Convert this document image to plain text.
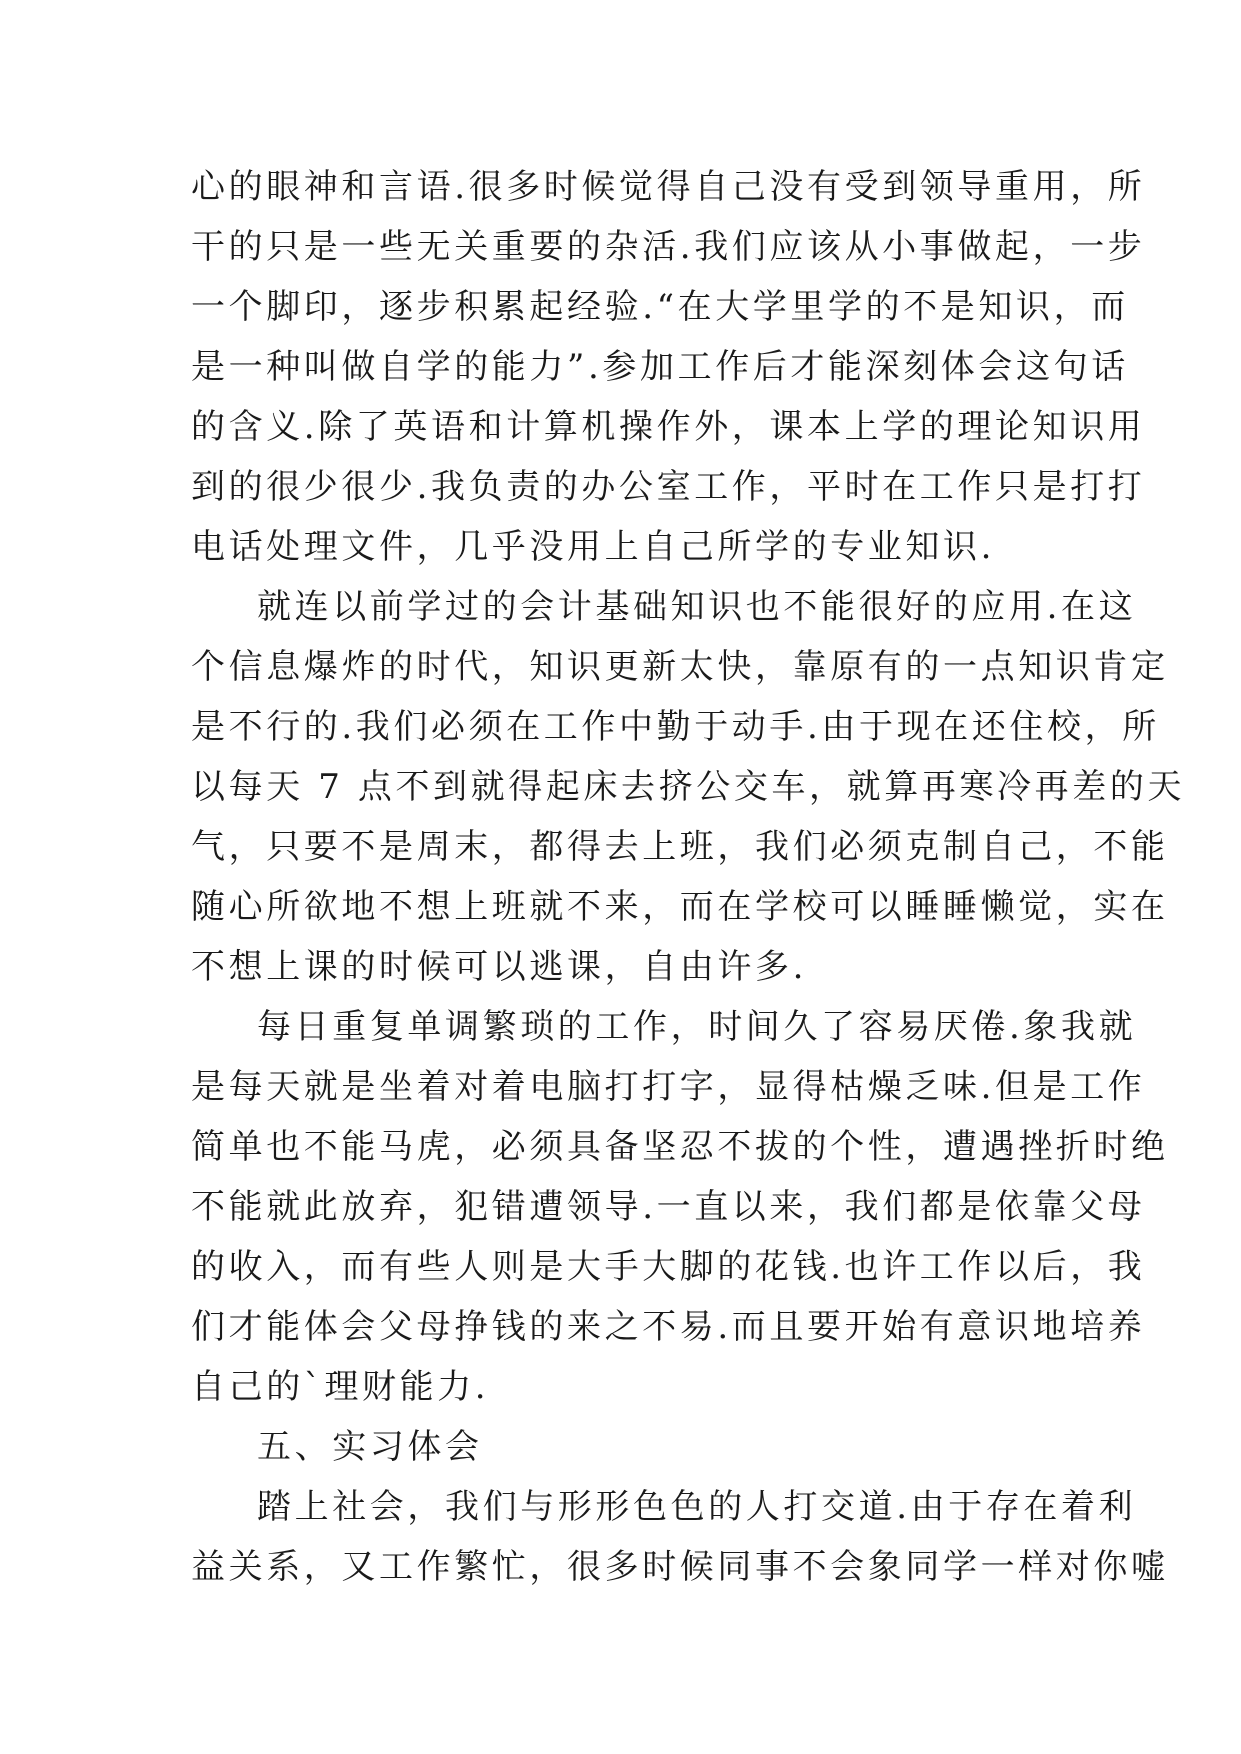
心的眼神和言语.很多时候觉得自己没有受到领导重用，所
干的只是一些无关重要的杂活.我们应该从小事做起，一步
一个脚印，逐步积累起经验.“在大学里学的不是知识，而
是一种叫做自学的能力”.参加工作后才能深刻体会这句话
的含义.除了英语和计算机操作外，课本上学的理论知识用
到的很少很少.我负责的办公室工作，平时在工作只是打打
电话处理文件，几乎没用上自己所学的专业知识.
就连以前学过的会计基础知识也不能很好的应用.在这
个信息爆炸的时代，知识更新太快，靠原有的一点知识肯定
是不行的.我们必须在工作中勤于动手.由于现在还住校，所
以每天 7 点不到就得起床去挤公交车，就算再寒冷再差的天
气，只要不是周末，都得去上班，我们必须克制自己，不能
随心所欲地不想上班就不来，而在学校可以睡睡懒觉，实在
不想上课的时候可以逃课，自由许多.
每日重复单调繁琐的工作，时间久了容易厌倦.象我就
是每天就是坐着对着电脑打打字，显得枯燥乏味.但是工作
简单也不能马虎，必须具备坚忍不拔的个性，遭遇挫折时绝
不能就此放弃，犯错遭领导.一直以来，我们都是依靠父母
的收入，而有些人则是大手大脚的花钱.也许工作以后，我
们才能体会父母挣钱的来之不易.而且要开始有意识地培养
自己的`理财能力.
五、实习体会
踏上社会，我们与形形色色的人打交道.由于存在着利
益关系，又工作繁忙，很多时候同事不会象同学一样对你嘘
